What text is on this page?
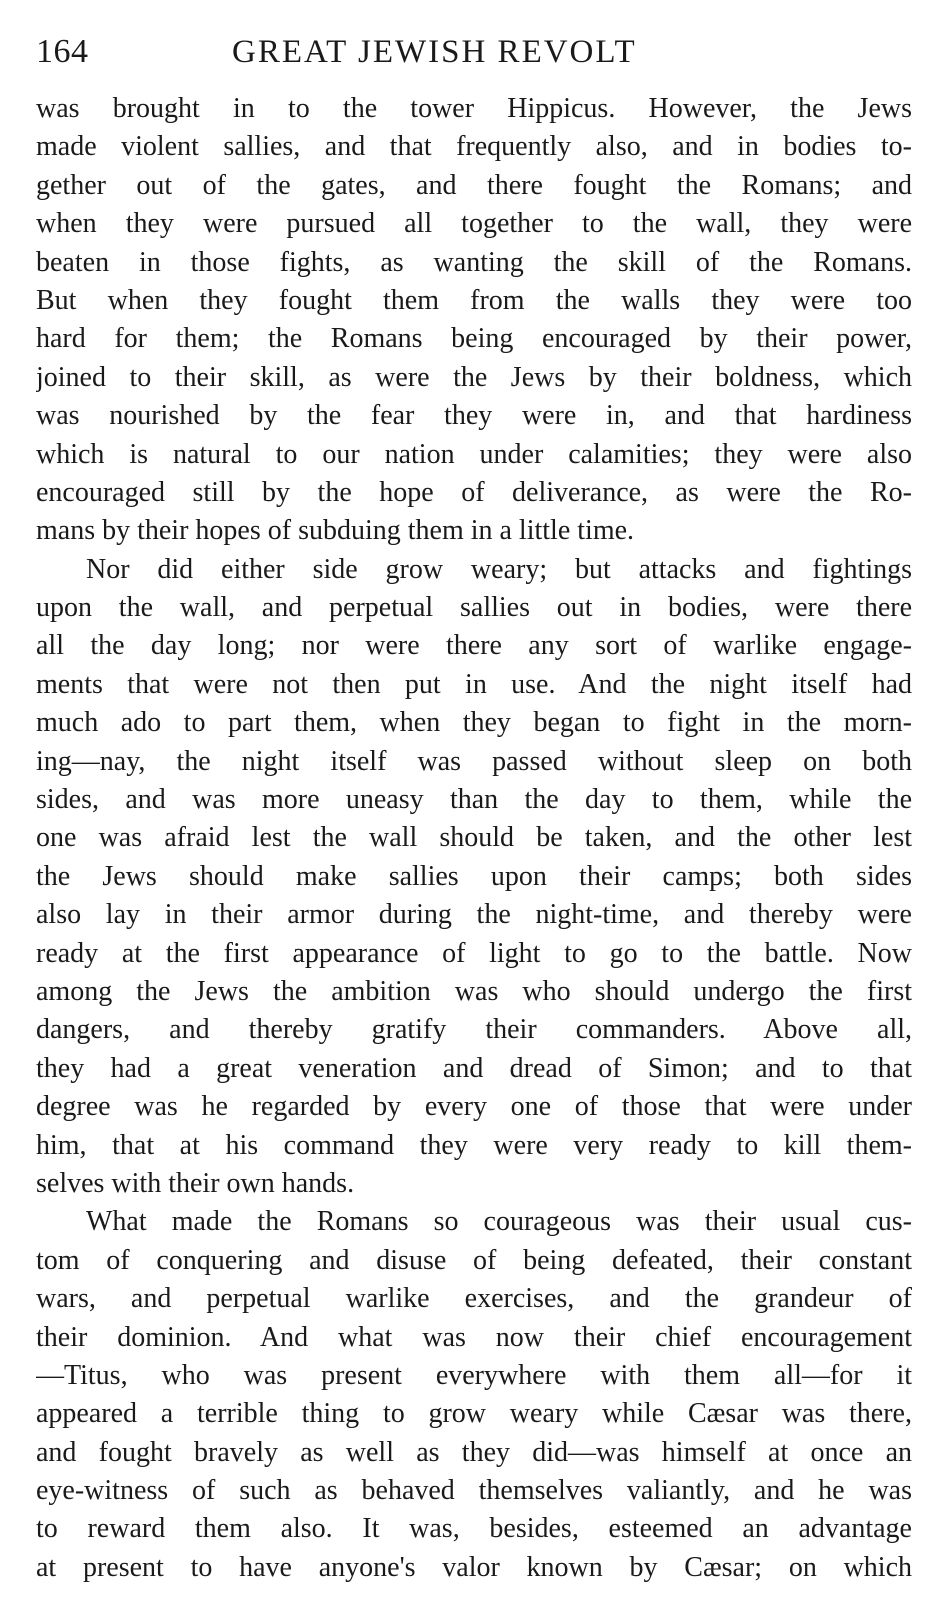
164	GREAT JEWISH REVOLT
was brought in to the tower Hippicus. However, the Jews
made violent sallies, and that frequently also, and in bodies to-
gether out of the gates, and there fought the Romans; and
when they were pursued all together to the wall, they were
beaten in those fights, as wanting the skill of the Romans.
But when they fought them from the walls they were too
hard for them; the Romans being encouraged by their power,
joined to their skill, as were the Jews by their boldness, which
was nourished by the fear they were in, and that hardiness
which is natural to our nation under calamities; they were also
encouraged still by the hope of deliverance, as were the Ro-
mans by their hopes of subduing them in a little time.
Nor did either side grow weary; but attacks and fightings
upon the wall, and perpetual sallies out in bodies, were there
all the day long; nor were there any sort of warlike engage-
ments that were not then put in use. And the night itself had
much ado to part them, when they began to fight in the morn-
ing—nay, the night itself was passed without sleep on both
sides, and was more uneasy than the day to them, while the
one was afraid lest the wall should be taken, and the other lest
the Jews should make sallies upon their camps; both sides
also lay in their armor during the night-time, and thereby were
ready at the first appearance of light to go to the battle. Now
among the Jews the ambition was who should undergo the first
dangers, and thereby gratify their commanders. Above all,
they had a great veneration and dread of Simon; and to that
degree was he regarded by every one of those that were under
him, that at his command they were very ready to kill them-
selves with their own hands.
What made the Romans so courageous was their usual cus-
tom of conquering and disuse of being defeated, their constant
wars, and perpetual warlike exercises, and the grandeur of
their dominion. And what was now their chief encouragement
—Titus, who was present everywhere with them all—for it
appeared a terrible thing to grow weary while Cæsar was there,
and fought bravely as well as they did—was himself at once an
eye-witness of such as behaved themselves valiantly, and he was
to reward them also. It was, besides, esteemed an advantage
at present to have anyone's valor known by Cæsar; on which
